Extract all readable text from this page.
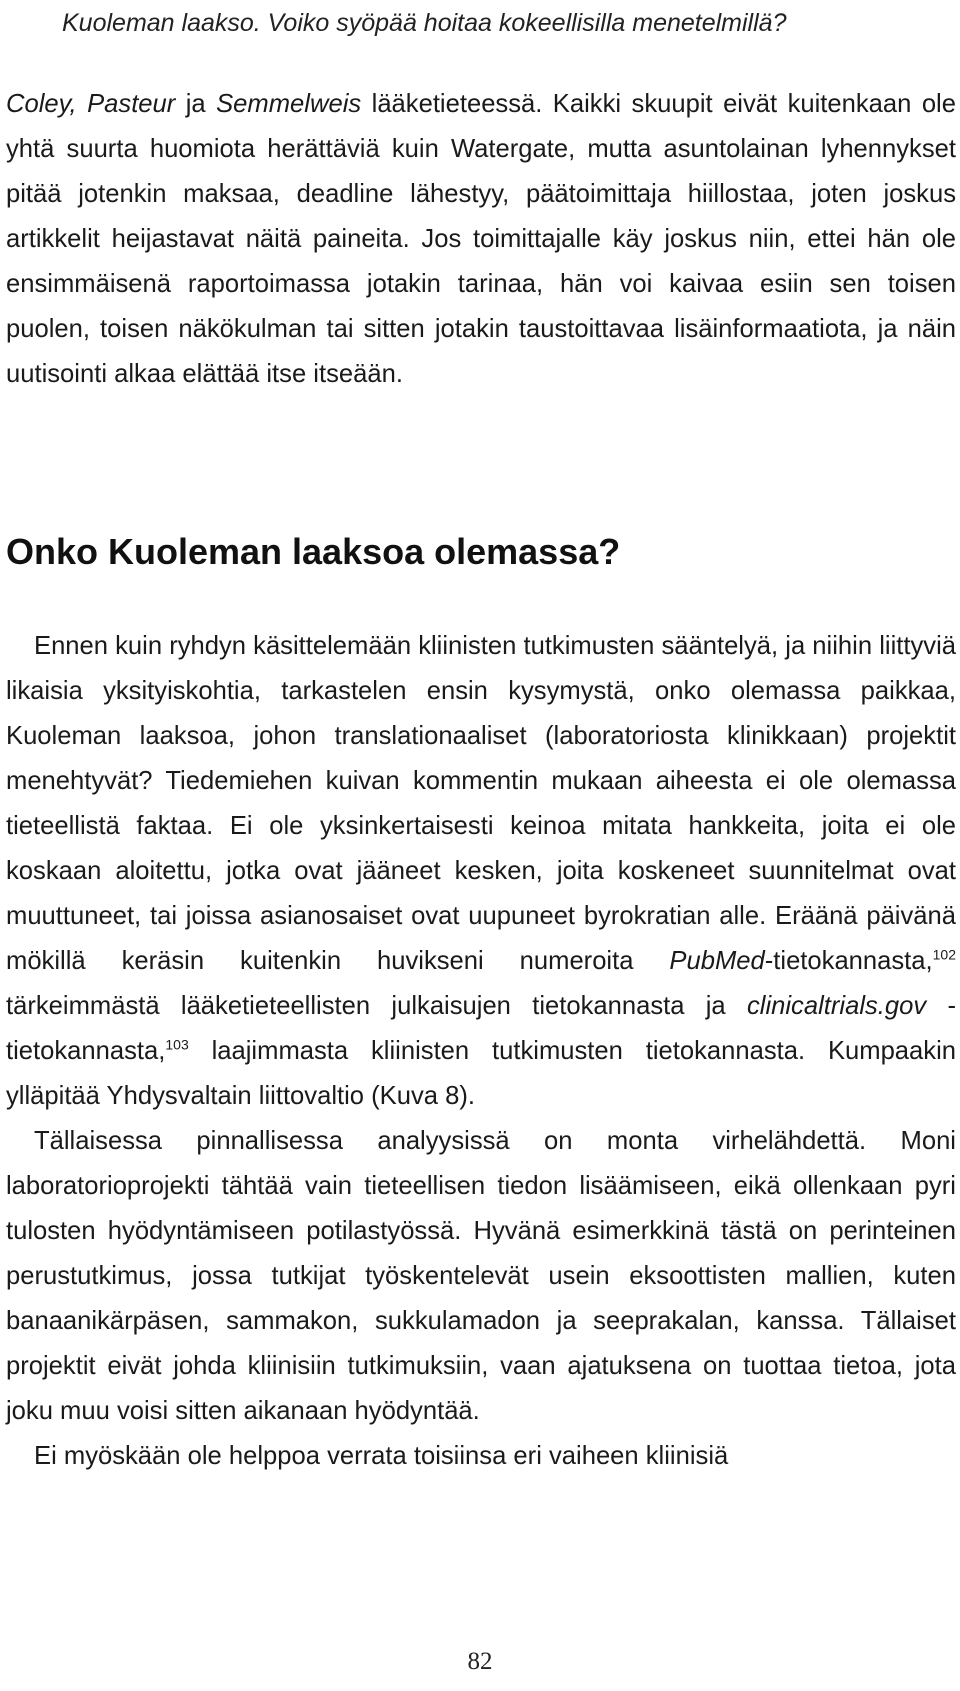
Kuoleman laakso. Voiko syöpää hoitaa kokeellisilla menetelmillä?

Coley, Pasteur ja Semmelweis lääketieteessä. Kaikki skuupit eivät kuitenkaan ole yhtä suurta huomiota herättäviä kuin Watergate, mutta asuntolainan lyhennykset pitää jotenkin maksaa, deadline lähestyy, päätoimittaja hiillostaa, joten joskus artikkelit heijastavat näitä paineita. Jos toimittajalle käy joskus niin, ettei hän ole ensimmäisenä raportoimassa jotakin tarinaa, hän voi kaivaa esiin sen toisen puolen, toisen näkökulman tai sitten jotakin taustoittavaa lisäinformaatiota, ja näin uutisointi alkaa elättää itse itseään.

Onko Kuoleman laaksoa olemassa?

Ennen kuin ryhdyn käsittelemään kliinisten tutkimusten sääntelyä, ja niihin liittyviä likaisia yksityiskohtia, tarkastelen ensin kysymystä, onko olemassa paikkaa, Kuoleman laaksoa, johon translationaaliset (laboratoriosta klinikkaan) projektit menehtyvät? Tiedemiehen kuivan kommentin mukaan aiheesta ei ole olemassa tieteellistä faktaa. Ei ole yksinkertaisesti keinoa mitata hankkeita, joita ei ole koskaan aloitettu, jotka ovat jääneet kesken, joita koskeneet suunnitelmat ovat muuttuneet, tai joissa asianosaiset ovat uupuneet byrokratian alle. Eräänä päivänä mökillä keräsin kuitenkin huvikseni numeroita PubMed-tietokannasta,$^{102}$ tärkeimmästä lääketieteellisten julkaisujen tietokannasta ja clinicaltrials.gov -tietokannasta,$^{103}$ laajimmasta kliinisten tutkimusten tietokannasta. Kumpaakin ylläpitää Yhdysvaltain liittovaltio (Kuva 8).

Tällaisessa pinnallisessa analyysissä on monta virhelähdettä. Moni laboratorioprojekti tähtää vain tieteellisen tiedon lisäämiseen, eikä ollenkaan pyri tulosten hyödyntämiseen potilastyössä. Hyvänä esimerkkinä tästä on perinteinen perustutkimus, jossa tutkijat työskentelevät usein eksoottisten mallien, kuten banaanikärpäsen, sammakon, sukkulamadon ja seeprakalan, kanssa. Tällaiset projektit eivät johda kliinisiin tutkimuksiin, vaan ajatuksena on tuottaa tietoa, jota joku muu voisi sitten aikanaan hyödyntää.

Ei myöskään ole helppoa verrata toisiinsa eri vaiheen kliinisiä

82
